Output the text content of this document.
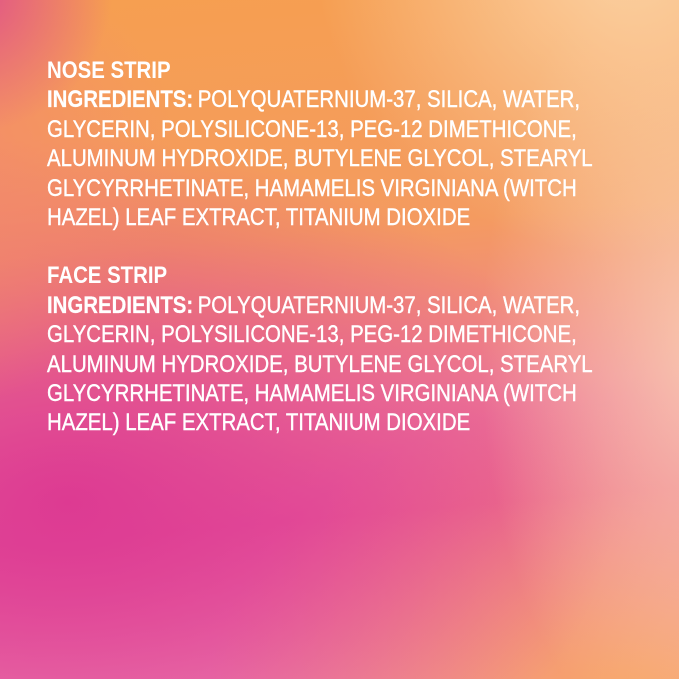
NOSE STRIP
INGREDIENTS: POLYQUATERNIUM-37, SILICA, WATER,
GLYCERIN, POLYSILICONE-13, PEG-12 DIMETHICONE,
ALUMINUM HYDROXIDE, BUTYLENE GLYCOL, STEARYL
GLYCYRRHETINATE, HAMAMELIS VIRGINIANA (WITCH
HAZEL) LEAF EXTRACT, TITANIUM DIOXIDE
FACE STRIP
INGREDIENTS: POLYQUATERNIUM-37, SILICA, WATER,
GLYCERIN, POLYSILICONE-13, PEG-12 DIMETHICONE,
ALUMINUM HYDROXIDE, BUTYLENE GLYCOL, STEARYL
GLYCYRRHETINATE, HAMAMELIS VIRGINIANA (WITCH
HAZEL) LEAF EXTRACT, TITANIUM DIOXIDE
